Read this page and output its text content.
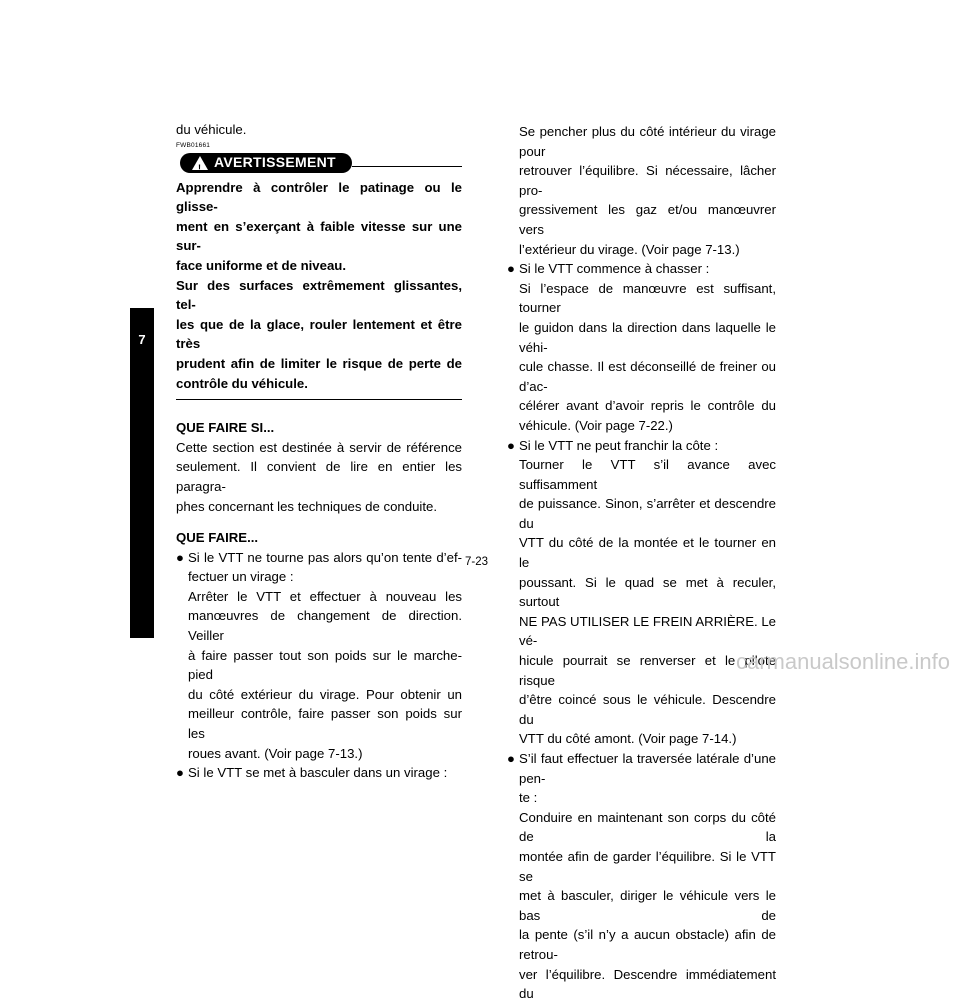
7

du véhicule.

FWB01661
! AVERTISSEMENT

Apprendre à contrôler le patinage ou le glisse-

ment en s’exerçant à faible vitesse sur une sur-

face uniforme et de niveau.

Sur des surfaces extrêmement glissantes, tel-

les que de la glace, rouler lentement et être très

prudent afin de limiter le risque de perte de

contrôle du véhicule.

QUE FAIRE SI...

Cette section est destinée à servir de référence

seulement. Il convient de lire en entier les paragra-

phes concernant les techniques de conduite.

QUE FAIRE...
● Si le VTT ne tourne pas alors qu’on tente d’ef-

fectuer un virage :

Arrêter le VTT et effectuer à nouveau les

manœuvres de changement de direction. Veiller

à faire passer tout son poids sur le marche-pied

du côté extérieur du virage. Pour obtenir un

meilleur contrôle, faire passer son poids sur les

roues avant. (Voir page 7-13.)

● Si le VTT se met à basculer dans un virage :

Se pencher plus du côté intérieur du virage pour

retrouver l’équilibre. Si nécessaire, lâcher pro-

gressivement les gaz et/ou manœuvrer vers

l’extérieur du virage. (Voir page 7-13.)

● Si le VTT commence à chasser :

Si l’espace de manœuvre est suffisant, tourner

le guidon dans la direction dans laquelle le véhi-

cule chasse. Il est déconseillé de freiner ou d’ac-

célérer avant d’avoir repris le contrôle du

véhicule. (Voir page 7-22.)

● Si le VTT ne peut franchir la côte :

Tourner le VTT s’il avance avec suffisamment

de puissance. Sinon, s’arrêter et descendre du

VTT du côté de la montée et le tourner en le

poussant. Si le quad se met à reculer, surtout

NE PAS UTILISER LE FREIN ARRIÈRE. Le vé-

hicule pourrait se renverser et le pilote risque

d’être coincé sous le véhicule. Descendre du

VTT du côté amont. (Voir page 7-14.)

● S’il faut effectuer la traversée latérale d’une pen-

te :

Conduire en maintenant son corps du côté de la

montée afin de garder l’équilibre. Si le VTT se

met à basculer, diriger le véhicule vers le bas de

la pente (s’il n’y a aucun obstacle) afin de retrou-

ver l’équilibre. Descendre immédiatement du

7-23
carmanualsonline.info
